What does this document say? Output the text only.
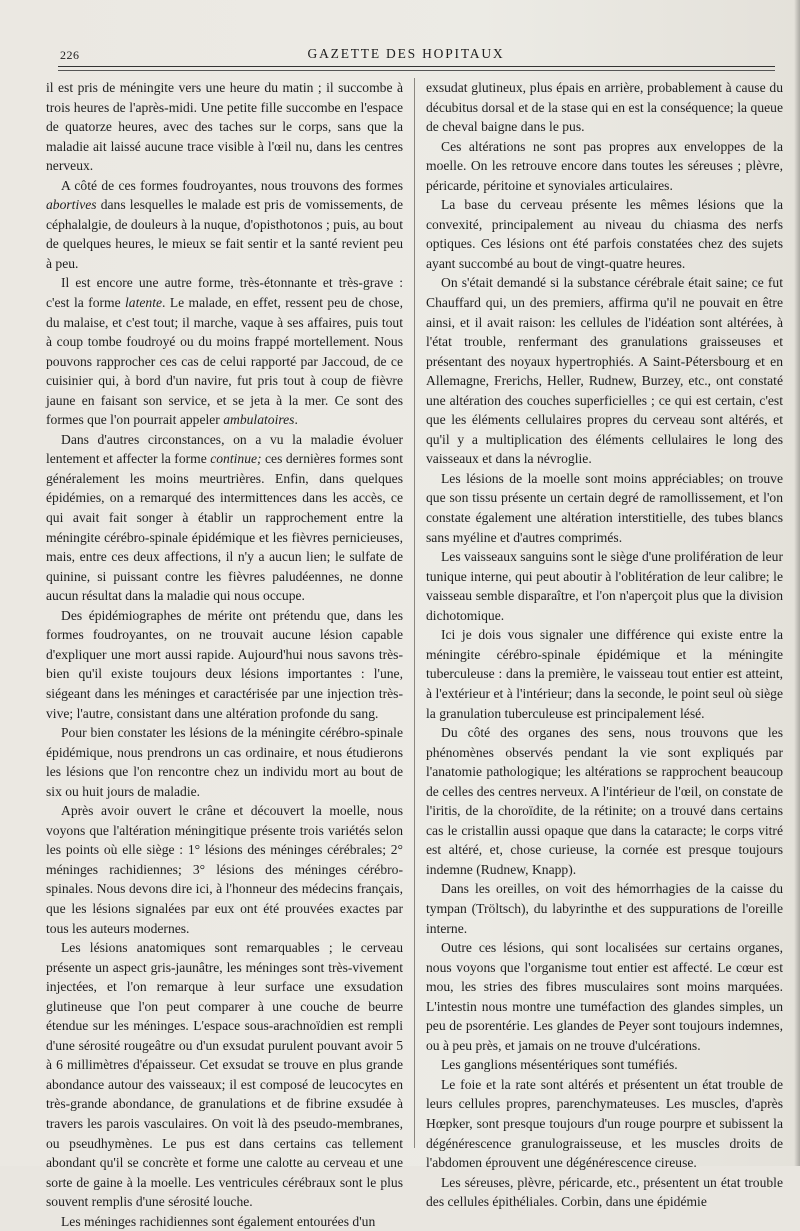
226	GAZETTE DES HOPITAUX

il est pris de méningite vers une heure du matin ; il succombe à trois heures de l'après-midi. Une petite fille succombe en l'espace de quatorze heures, avec des taches sur le corps, sans que la maladie ait laissé aucune trace visible à l'œil nu, dans les centres nerveux.

A côté de ces formes foudroyantes, nous trouvons des formes abortives dans lesquelles le malade est pris de vomissements, de céphalalgie, de douleurs à la nuque, d'opisthotonos ; puis, au bout de quelques heures, le mieux se fait sentir et la santé revient peu à peu.

Il est encore une autre forme, très-étonnante et très-grave : c'est la forme latente. Le malade, en effet, ressent peu de chose, du malaise, et c'est tout; il marche, vaque à ses affaires, puis tout à coup tombe foudroyé ou du moins frappé mortellement. Nous pouvons rapprocher ces cas de celui rapporté par Jaccoud, de ce cuisinier qui, à bord d'un navire, fut pris tout à coup de fièvre jaune en faisant son service, et se jeta à la mer. Ce sont des formes que l'on pourrait appeler ambulatoires.

Dans d'autres circonstances, on a vu la maladie évoluer lentement et affecter la forme continue; ces dernières formes sont généralement les moins meurtrières. Enfin, dans quelques épidémies, on a remarqué des intermittences dans les accès, ce qui avait fait songer à établir un rapprochement entre la méningite cérébro-spinale épidémique et les fièvres pernicieuses, mais, entre ces deux affections, il n'y a aucun lien; le sulfate de quinine, si puissant contre les fièvres paludéennes, ne donne aucun résultat dans la maladie qui nous occupe.

Des épidémiographes de mérite ont prétendu que, dans les formes foudroyantes, on ne trouvait aucune lésion capable d'expliquer une mort aussi rapide. Aujourd'hui nous savons très-bien qu'il existe toujours deux lésions importantes : l'une, siégeant dans les méninges et caractérisée par une injection très-vive; l'autre, consistant dans une altération profonde du sang.

Pour bien constater les lésions de la méningite cérébro-spinale épidémique, nous prendrons un cas ordinaire, et nous étudierons les lésions que l'on rencontre chez un individu mort au bout de six ou huit jours de maladie.

Après avoir ouvert le crâne et découvert la moelle, nous voyons que l'altération méningitique présente trois variétés selon les points où elle siège : 1° lésions des méninges cérébrales; 2° méninges rachidiennes; 3° lésions des méninges cérébro-spinales. Nous devons dire ici, à l'honneur des médecins français, que les lésions signalées par eux ont été prouvées exactes par tous les auteurs modernes.

Les lésions anatomiques sont remarquables ; le cerveau présente un aspect gris-jaunâtre, les méninges sont très-vivement injectées, et l'on remarque à leur surface une exsudation glutineuse que l'on peut comparer à une couche de beurre étendue sur les méninges. L'espace sous-arachnoïdien est rempli d'une sérosité rougeâtre ou d'un exsudat purulent pouvant avoir 5 à 6 millimètres d'épaisseur. Cet exsudat se trouve en plus grande abondance autour des vaisseaux; il est composé de leucocytes en très-grande abondance, de granulations et de fibrine exsudée à travers les parois vasculaires. On voit là des pseudo-membranes, ou pseudhymènes. Le pus est dans certains cas tellement abondant qu'il se concrète et forme une calotte au cerveau et une sorte de gaine à la moelle. Les ventricules cérébraux sont le plus souvent remplis d'une sérosité louche.

Les méninges rachidiennes sont également entourées d'un

exsudat glutineux, plus épais en arrière, probablement à cause du décubitus dorsal et de la stase qui en est la conséquence; la queue de cheval baigne dans le pus.

Ces altérations ne sont pas propres aux enveloppes de la moelle. On les retrouve encore dans toutes les séreuses ; plèvre, péricarde, péritoine et synoviales articulaires.

La base du cerveau présente les mêmes lésions que la convexité, principalement au niveau du chiasma des nerfs optiques. Ces lésions ont été parfois constatées chez des sujets ayant succombé au bout de vingt-quatre heures.

On s'était demandé si la substance cérébrale était saine; ce fut Chauffard qui, un des premiers, affirma qu'il ne pouvait en être ainsi, et il avait raison: les cellules de l'idéation sont altérées, à l'état trouble, renfermant des granulations graisseuses et présentant des noyaux hypertrophiés. A Saint-Pétersbourg et en Allemagne, Frerichs, Heller, Rudnew, Burzey, etc., ont constaté une altération des couches superficielles ; ce qui est certain, c'est que les éléments cellulaires propres du cerveau sont altérés, et qu'il y a multiplication des éléments cellulaires le long des vaisseaux et dans la névroglie.

Les lésions de la moelle sont moins appréciables; on trouve que son tissu présente un certain degré de ramollissement, et l'on constate également une altération interstitielle, des tubes blancs sans myéline et d'autres comprimés.

Les vaisseaux sanguins sont le siège d'une prolifération de leur tunique interne, qui peut aboutir à l'oblitération de leur calibre; le vaisseau semble disparaître, et l'on n'aperçoit plus que la division dichotomique.

Ici je dois vous signaler une différence qui existe entre la méningite cérébro-spinale épidémique et la méningite tuberculeuse : dans la première, le vaisseau tout entier est atteint, à l'extérieur et à l'intérieur; dans la seconde, le point seul où siège la granulation tuberculeuse est principalement lésé.

Du côté des organes des sens, nous trouvons que les phénomènes observés pendant la vie sont expliqués par l'anatomie pathologique; les altérations se rapprochent beaucoup de celles des centres nerveux. A l'intérieur de l'œil, on constate de l'iritis, de la choroïdite, de la rétinite; on a trouvé dans certains cas le cristallin aussi opaque que dans la cataracte; le corps vitré est altéré, et, chose curieuse, la cornée est presque toujours indemne (Rudnew, Knapp).

Dans les oreilles, on voit des hémorrhagies de la caisse du tympan (Tröltsch), du labyrinthe et des suppurations de l'oreille interne.

Outre ces lésions, qui sont localisées sur certains organes, nous voyons que l'organisme tout entier est affecté. Le cœur est mou, les stries des fibres musculaires sont moins marquées. L'intestin nous montre une tuméfaction des glandes simples, un peu de psorentérie. Les glandes de Peyer sont toujours indemnes, ou à peu près, et jamais on ne trouve d'ulcérations.

Les ganglions mésentériques sont tuméfiés.

Le foie et la rate sont altérés et présentent un état trouble de leurs cellules propres, parenchymateuses. Les muscles, d'après Hœpker, sont presque toujours d'un rouge pourpre et subissent la dégénérescence granulograisseuse, et les muscles droits de l'abdomen éprouvent une dégénérescence cireuse.

Les séreuses, plèvre, péricarde, etc., présentent un état trouble des cellules épithéliales. Corbin, dans une épidémie
